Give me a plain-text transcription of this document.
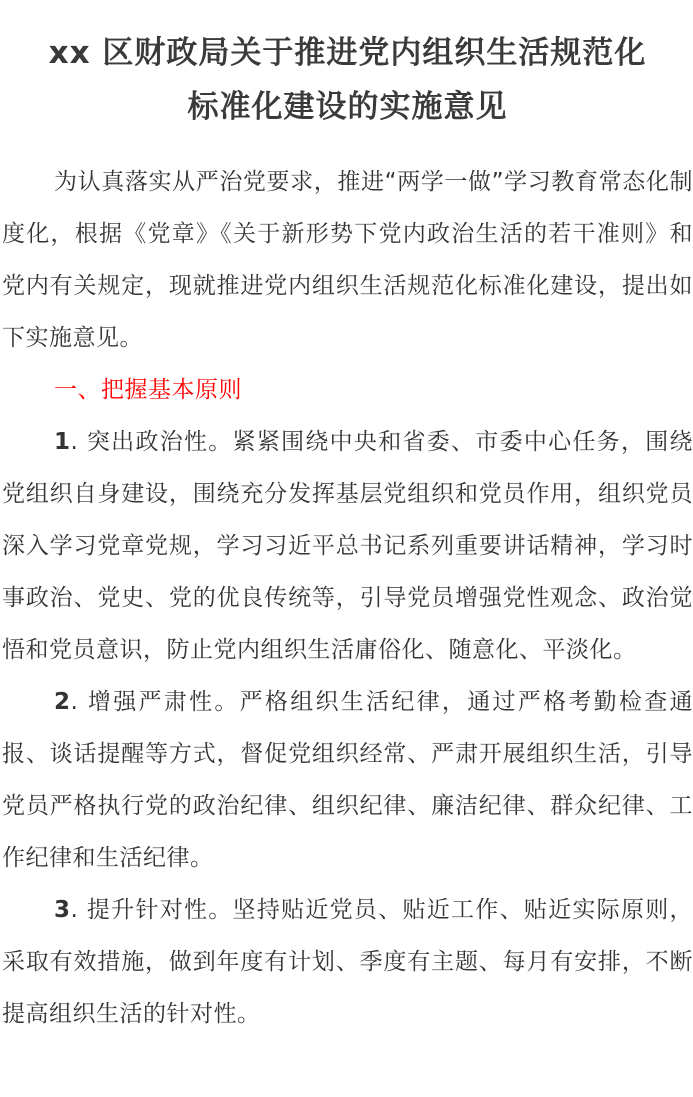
xx 区财政局关于推进党内组织生活规范化
标准化建设的实施意见

为认真落实从严治党要求，推进“两学一做”学习教育常态化制度化，根据《党章》《关于新形势下党内政治生活的若干准则》和党内有关规定，现就推进党内组织生活规范化标准化建设，提出如下实施意见。

一、把握基本原则

1. 突出政治性。紧紧围绕中央和省委、市委中心任务，围绕党组织自身建设，围绕充分发挥基层党组织和党员作用，组织党员深入学习党章党规，学习习近平总书记系列重要讲话精神，学习时事政治、党史、党的优良传统等，引导党员增强党性观念、政治觉悟和党员意识，防止党内组织生活庸俗化、随意化、平淡化。

2. 增强严肃性。严格组织生活纪律，通过严格考勤检查通报、谈话提醒等方式，督促党组织经常、严肃开展组织生活，引导党员严格执行党的政治纪律、组织纪律、廉洁纪律、群众纪律、工作纪律和生活纪律。

3. 提升针对性。坚持贴近党员、贴近工作、贴近实际原则，采取有效措施，做到年度有计划、季度有主题、每月有安排，不断提高组织生活的针对性。
